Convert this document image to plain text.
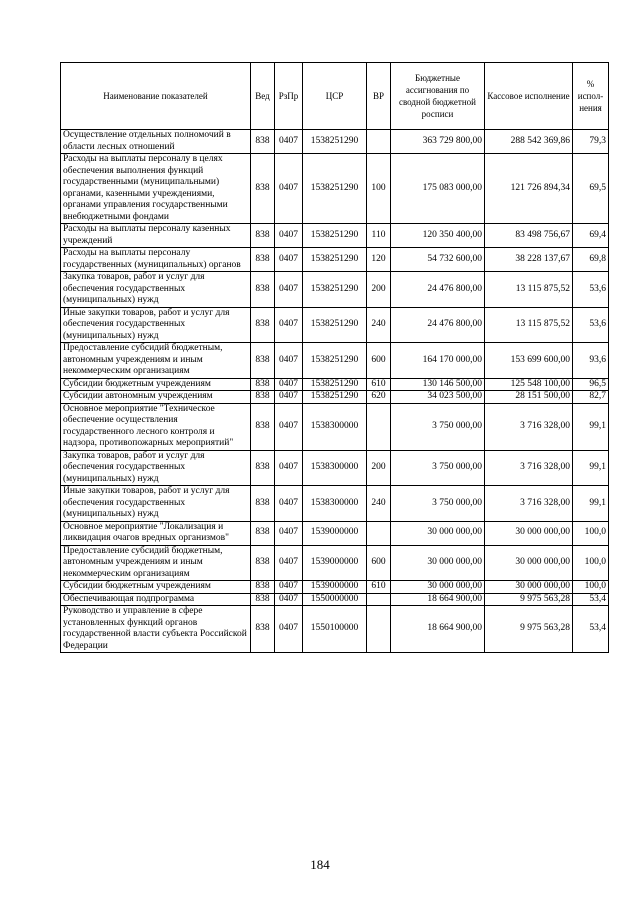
Наименование показателей	Вед	РзПр	ЦСР	ВР	Бюджетные ассигнования по сводной бюджетной росписи	Кассовое исполнение	% испол-нения
Осуществление отдельных полномочий в области лесных отношений	838	0407	1538251290		363 729 800,00	288 542 369,86	79,3
Расходы на выплаты персоналу в целях обеспечения выполнения функций государственными (муниципальными) органами, казенными учреждениями, органами управления государственными внебюджетными фондами	838	0407	1538251290	100	175 083 000,00	121 726 894,34	69,5
Расходы на выплаты персоналу казенных учреждений	838	0407	1538251290	110	120 350 400,00	83 498 756,67	69,4
Расходы на выплаты персоналу государственных (муниципальных) органов	838	0407	1538251290	120	54 732 600,00	38 228 137,67	69,8
Закупка товаров, работ и услуг для обеспечения государственных (муниципальных) нужд	838	0407	1538251290	200	24 476 800,00	13 115 875,52	53,6
Иные закупки товаров, работ и услуг для обеспечения государственных (муниципальных) нужд	838	0407	1538251290	240	24 476 800,00	13 115 875,52	53,6
Предоставление субсидий бюджетным, автономным учреждениям и иным некоммерческим организациям	838	0407	1538251290	600	164 170 000,00	153 699 600,00	93,6
Субсидии бюджетным учреждениям	838	0407	1538251290	610	130 146 500,00	125 548 100,00	96,5
Субсидии автономным учреждениям	838	0407	1538251290	620	34 023 500,00	28 151 500,00	82,7
Основное мероприятие "Техническое обеспечение осуществления государственного лесного контроля и надзора, противопожарных мероприятий"	838	0407	1538300000		3 750 000,00	3 716 328,00	99,1
Закупка товаров, работ и услуг для обеспечения государственных (муниципальных) нужд	838	0407	1538300000	200	3 750 000,00	3 716 328,00	99,1
Иные закупки товаров, работ и услуг для обеспечения государственных (муниципальных) нужд	838	0407	1538300000	240	3 750 000,00	3 716 328,00	99,1
Основное мероприятие "Локализация и ликвидация очагов вредных организмов"	838	0407	1539000000		30 000 000,00	30 000 000,00	100,0
Предоставление субсидий бюджетным, автономным учреждениям и иным некоммерческим организациям	838	0407	1539000000	600	30 000 000,00	30 000 000,00	100,0
Субсидии бюджетным учреждениям	838	0407	1539000000	610	30 000 000,00	30 000 000,00	100,0
Обеспечивающая подпрограмма	838	0407	1550000000		18 664 900,00	9 975 563,28	53,4
Руководство и управление в сфере установленных функций органов государственной власти субъекта Российской Федерации	838	0407	1550100000		18 664 900,00	9 975 563,28	53,4
184
